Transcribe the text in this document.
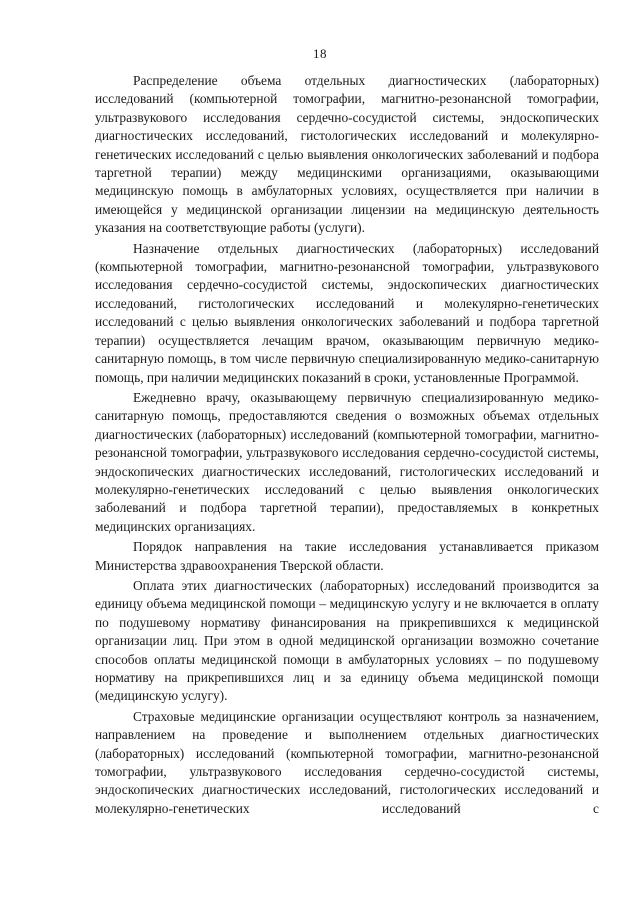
18

Распределение объема отдельных диагностических (лабораторных) исследований (компьютерной томографии, магнитно-резонансной томографии, ультразвукового исследования сердечно-сосудистой системы, эндоскопических диагностических исследований, гистологических исследований и молекулярно-генетических исследований с целью выявления онкологических заболеваний и подбора таргетной терапии) между медицинскими организациями, оказывающими медицинскую помощь в амбулаторных условиях, осуществляется при наличии в имеющейся у медицинской организации лицензии на медицинскую деятельность указания на соответствующие работы (услуги).

Назначение отдельных диагностических (лабораторных) исследований (компьютерной томографии, магнитно-резонансной томографии, ультразвукового исследования сердечно-сосудистой системы, эндоскопических диагностических исследований, гистологических исследований и молекулярно-генетических исследований с целью выявления онкологических заболеваний и подбора таргетной терапии) осуществляется лечащим врачом, оказывающим первичную медико-санитарную помощь, в том числе первичную специализированную медико-санитарную помощь, при наличии медицинских показаний в сроки, установленные Программой.

Ежедневно врачу, оказывающему первичную специализированную медико-санитарную помощь, предоставляются сведения о возможных объемах отдельных диагностических (лабораторных) исследований (компьютерной томографии, магнитно-резонансной томографии, ультразвукового исследования сердечно-сосудистой системы, эндоскопических диагностических исследований, гистологических исследований и молекулярно-генетических исследований с целью выявления онкологических заболеваний и подбора таргетной терапии), предоставляемых в конкретных медицинских организациях.

Порядок направления на такие исследования устанавливается приказом Министерства здравоохранения Тверской области.

Оплата этих диагностических (лабораторных) исследований производится за единицу объема медицинской помощи – медицинскую услугу и не включается в оплату по подушевому нормативу финансирования на прикрепившихся к медицинской организации лиц. При этом в одной медицинской организации возможно сочетание способов оплаты медицинской помощи в амбулаторных условиях – по подушевому нормативу на прикрепившихся лиц и за единицу объема медицинской помощи (медицинскую услугу).

Страховые медицинские организации осуществляют контроль за назначением, направлением на проведение и выполнением отдельных диагностических (лабораторных) исследований (компьютерной томографии, магнитно-резонансной томографии, ультразвукового исследования сердечно-сосудистой системы, эндоскопических диагностических исследований, гистологических исследований и молекулярно-генетических исследований с
